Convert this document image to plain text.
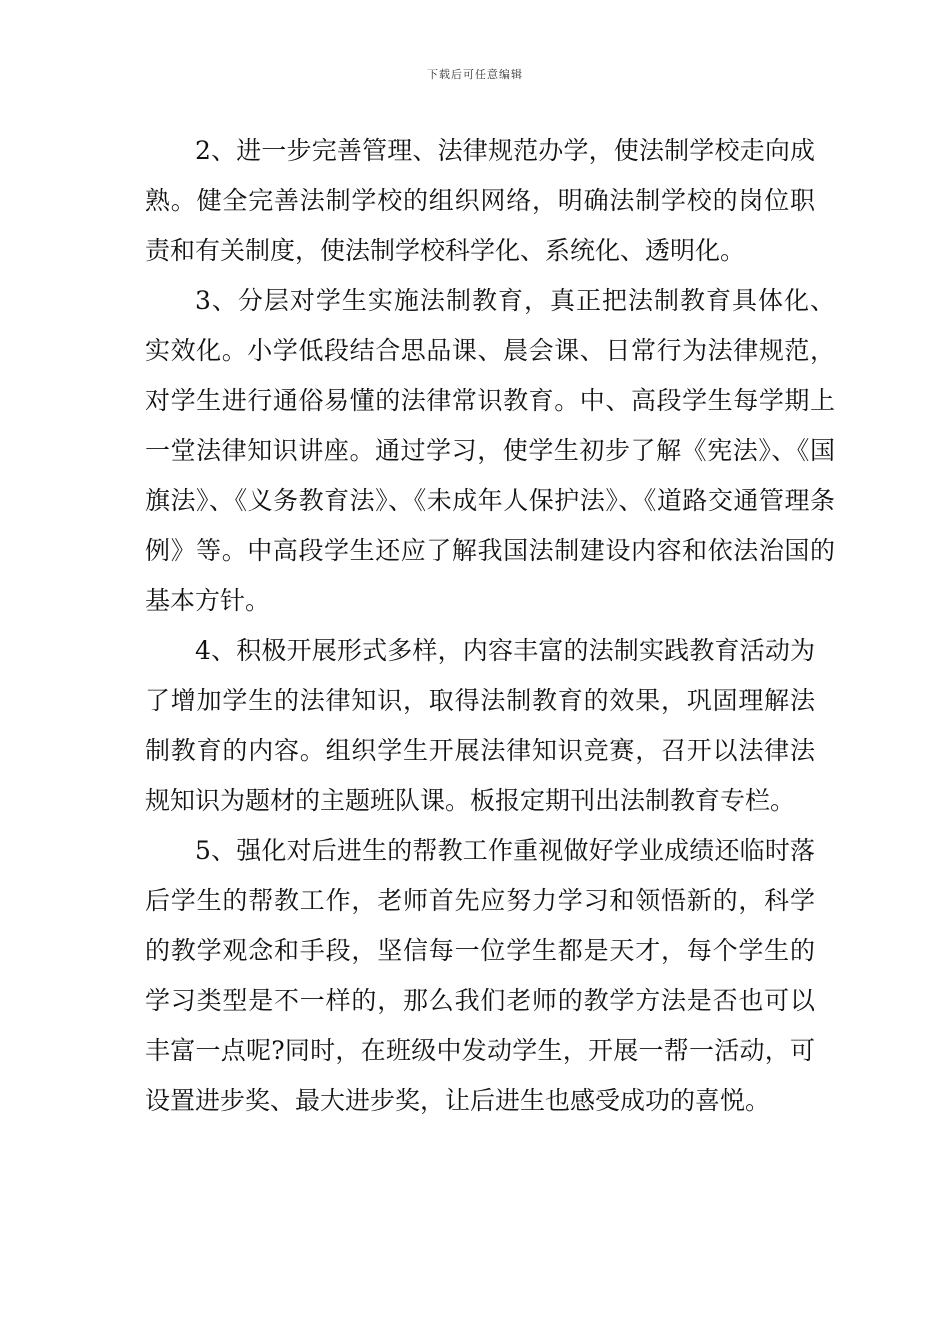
下载后可任意编辑

2、进一步完善管理、法律规范办学，使法制学校走向成熟。健全完善法制学校的组织网络，明确法制学校的岗位职责和有关制度，使法制学校科学化、系统化、透明化。

3、分层对学生实施法制教育，真正把法制教育具体化、实效化。小学低段结合思品课、晨会课、日常行为法律规范，对学生进行通俗易懂的法律常识教育。中、高段学生每学期上一堂法律知识讲座。通过学习，使学生初步了解《宪法》、《国旗法》、《义务教育法》、《未成年人保护法》、《道路交通管理条例》等。中高段学生还应了解我国法制建设内容和依法治国的基本方针。

4、积极开展形式多样，内容丰富的法制实践教育活动为了增加学生的法律知识，取得法制教育的效果，巩固理解法制教育的内容。组织学生开展法律知识竞赛，召开以法律法规知识为题材的主题班队课。板报定期刊出法制教育专栏。

5、强化对后进生的帮教工作重视做好学业成绩还临时落后学生的帮教工作，老师首先应努力学习和领悟新的，科学的教学观念和手段，坚信每一位学生都是天才，每个学生的学习类型是不一样的，那么我们老师的教学方法是否也可以丰富一点呢?同时，在班级中发动学生，开展一帮一活动，可设置进步奖、最大进步奖，让后进生也感受成功的喜悦。
